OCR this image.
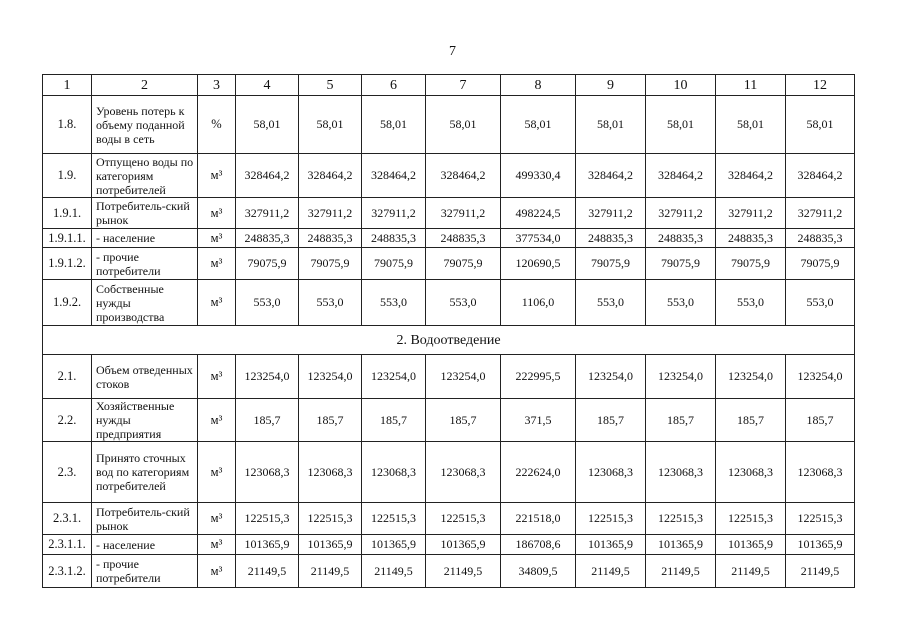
7
1	2	3	4	5	6	7	8	9	10	11	12
1.8.	Уровень потерь к объему поданной воды в сеть	%	58,01	58,01	58,01	58,01	58,01	58,01	58,01	58,01	58,01
1.9.	Отпущено воды по категориям потребителей	м³	328464,2	328464,2	328464,2	328464,2	499330,4	328464,2	328464,2	328464,2	328464,2
1.9.1.	Потребитель-ский рынок	м³	327911,2	327911,2	327911,2	327911,2	498224,5	327911,2	327911,2	327911,2	327911,2
1.9.1.1.	- население	м³	248835,3	248835,3	248835,3	248835,3	377534,0	248835,3	248835,3	248835,3	248835,3
1.9.1.2.	- прочие потребители	м³	79075,9	79075,9	79075,9	79075,9	120690,5	79075,9	79075,9	79075,9	79075,9
1.9.2.	Собственные нужды производства	м³	553,0	553,0	553,0	553,0	1106,0	553,0	553,0	553,0	553,0
2. Водоотведение											
2.1.	Объем отведенных стоков	м³	123254,0	123254,0	123254,0	123254,0	222995,5	123254,0	123254,0	123254,0	123254,0
2.2.	Хозяйственные нужды предприятия	м³	185,7	185,7	185,7	185,7	371,5	185,7	185,7	185,7	185,7
2.3.	Принято сточных вод по категориям потребителей	м³	123068,3	123068,3	123068,3	123068,3	222624,0	123068,3	123068,3	123068,3	123068,3
2.3.1.	Потребитель-ский рынок	м³	122515,3	122515,3	122515,3	122515,3	221518,0	122515,3	122515,3	122515,3	122515,3
2.3.1.1.	- население	м³	101365,9	101365,9	101365,9	101365,9	186708,6	101365,9	101365,9	101365,9	101365,9
2.3.1.2.	- прочие потребители	м³	21149,5	21149,5	21149,5	21149,5	34809,5	21149,5	21149,5	21149,5	21149,5
